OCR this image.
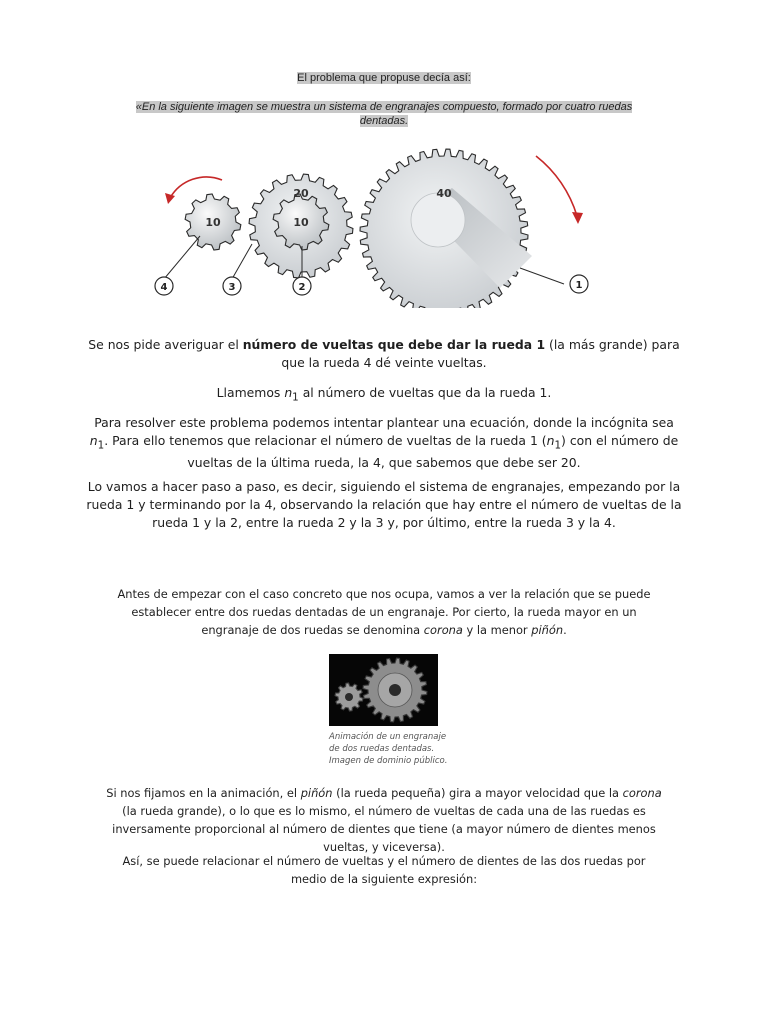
El problema que propuse decía así:
«En la siguiente imagen se muestra un sistema de engranajes compuesto, formado por cuatro ruedas
dentadas.
10
20
10
40
4	3	2	1
Se nos pide averiguar el número de vueltas que debe dar la rueda 1 (la más grande) para que la rueda 4 dé veinte vueltas.
Llamemos $n_1$ al número de vueltas que da la rueda 1.
Para resolver este problema podemos intentar plantear una ecuación, donde la incógnita sea $n_1$. Para ello tenemos que relacionar el número de vueltas de la rueda 1 $(n_1)$ con el número de vueltas de la última rueda, la 4, que sabemos que debe ser 20.
Lo vamos a hacer paso a paso, es decir, siguiendo el sistema de engranajes, empezando por la rueda 1 y terminando por la 4, observando la relación que hay entre el número de vueltas de la rueda 1 y la 2, entre la rueda 2 y la 3 y, por último, entre la rueda 3 y la 4.
Antes de empezar con el caso concreto que nos ocupa, vamos a ver la relación que se puede establecer entre dos ruedas dentadas de un engranaje. Por cierto, la rueda mayor en un engranaje de dos ruedas se denomina corona y la menor piñón.
Animación de un engranaje
de dos ruedas dentadas.
Imagen de dominio público.
Si nos fijamos en la animación, el piñón (la rueda pequeña) gira a mayor velocidad que la corona (la rueda grande), o lo que es lo mismo, el número de vueltas de cada una de las ruedas es inversamente proporcional al número de dientes que tiene (a mayor número de dientes menos vueltas, y viceversa).
Así, se puede relacionar el número de vueltas y el número de dientes de las dos ruedas por medio de la siguiente expresión:
